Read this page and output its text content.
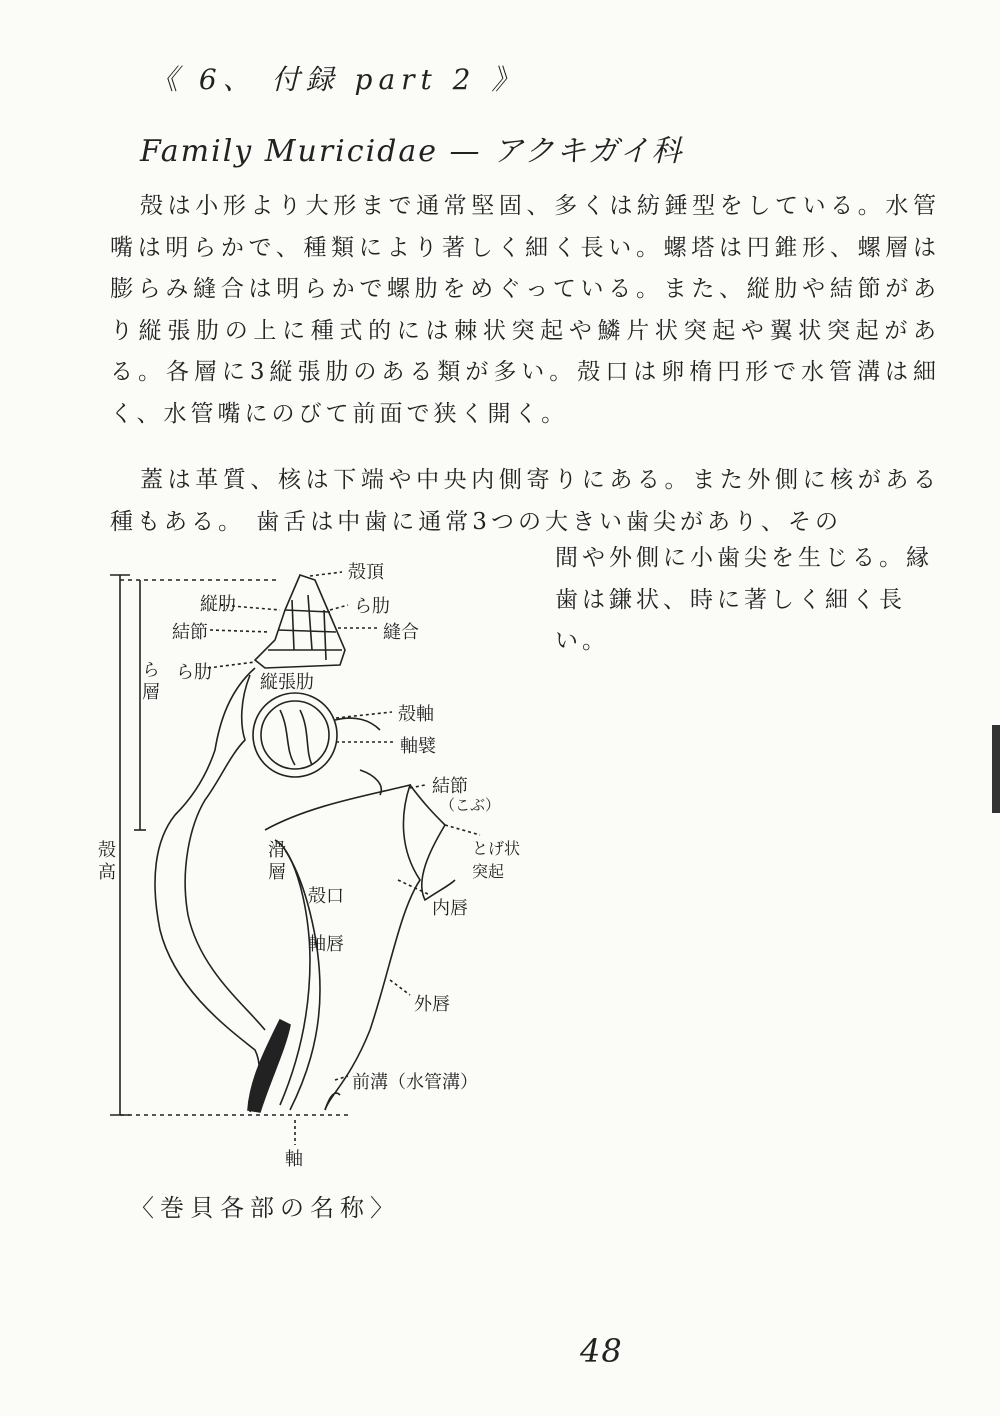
《 6、 付録 part 2 》
Family Muricidae — アクキガイ科
殻は小形より大形まで通常堅固、多くは紡錘型をしている。水管嘴は明らかで、種類により著しく細く長い。螺塔は円錐形、螺層は膨らみ縫合は明らかで螺肋をめぐっている。また、縦肋や結節があり縦張肋の上に種式的には棘状突起や鱗片状突起や翼状突起がある。各層に3縦張肋のある類が多い。殻口は卵楕円形で水管溝は細く、水管嘴にのびて前面で狭く開く。
蓋は革質、核は下端や中央内側寄りにある。また外側に核がある種もある。 歯舌は中歯に通常3つの大きい歯尖があり、その
間や外側に小歯尖を生じる。縁歯は鎌状、時に著しく細く長い。
殻頂
ら肋
縫合
縦肋
結節
ら肋	縦張肋
ら層
殻軸
軸襞
結節
（こぶ）
とげ状突起
殻高	滑層
殻口
内唇
軸唇
外唇
前溝（水管溝）
軸
〈巻貝各部の名称〉
48
